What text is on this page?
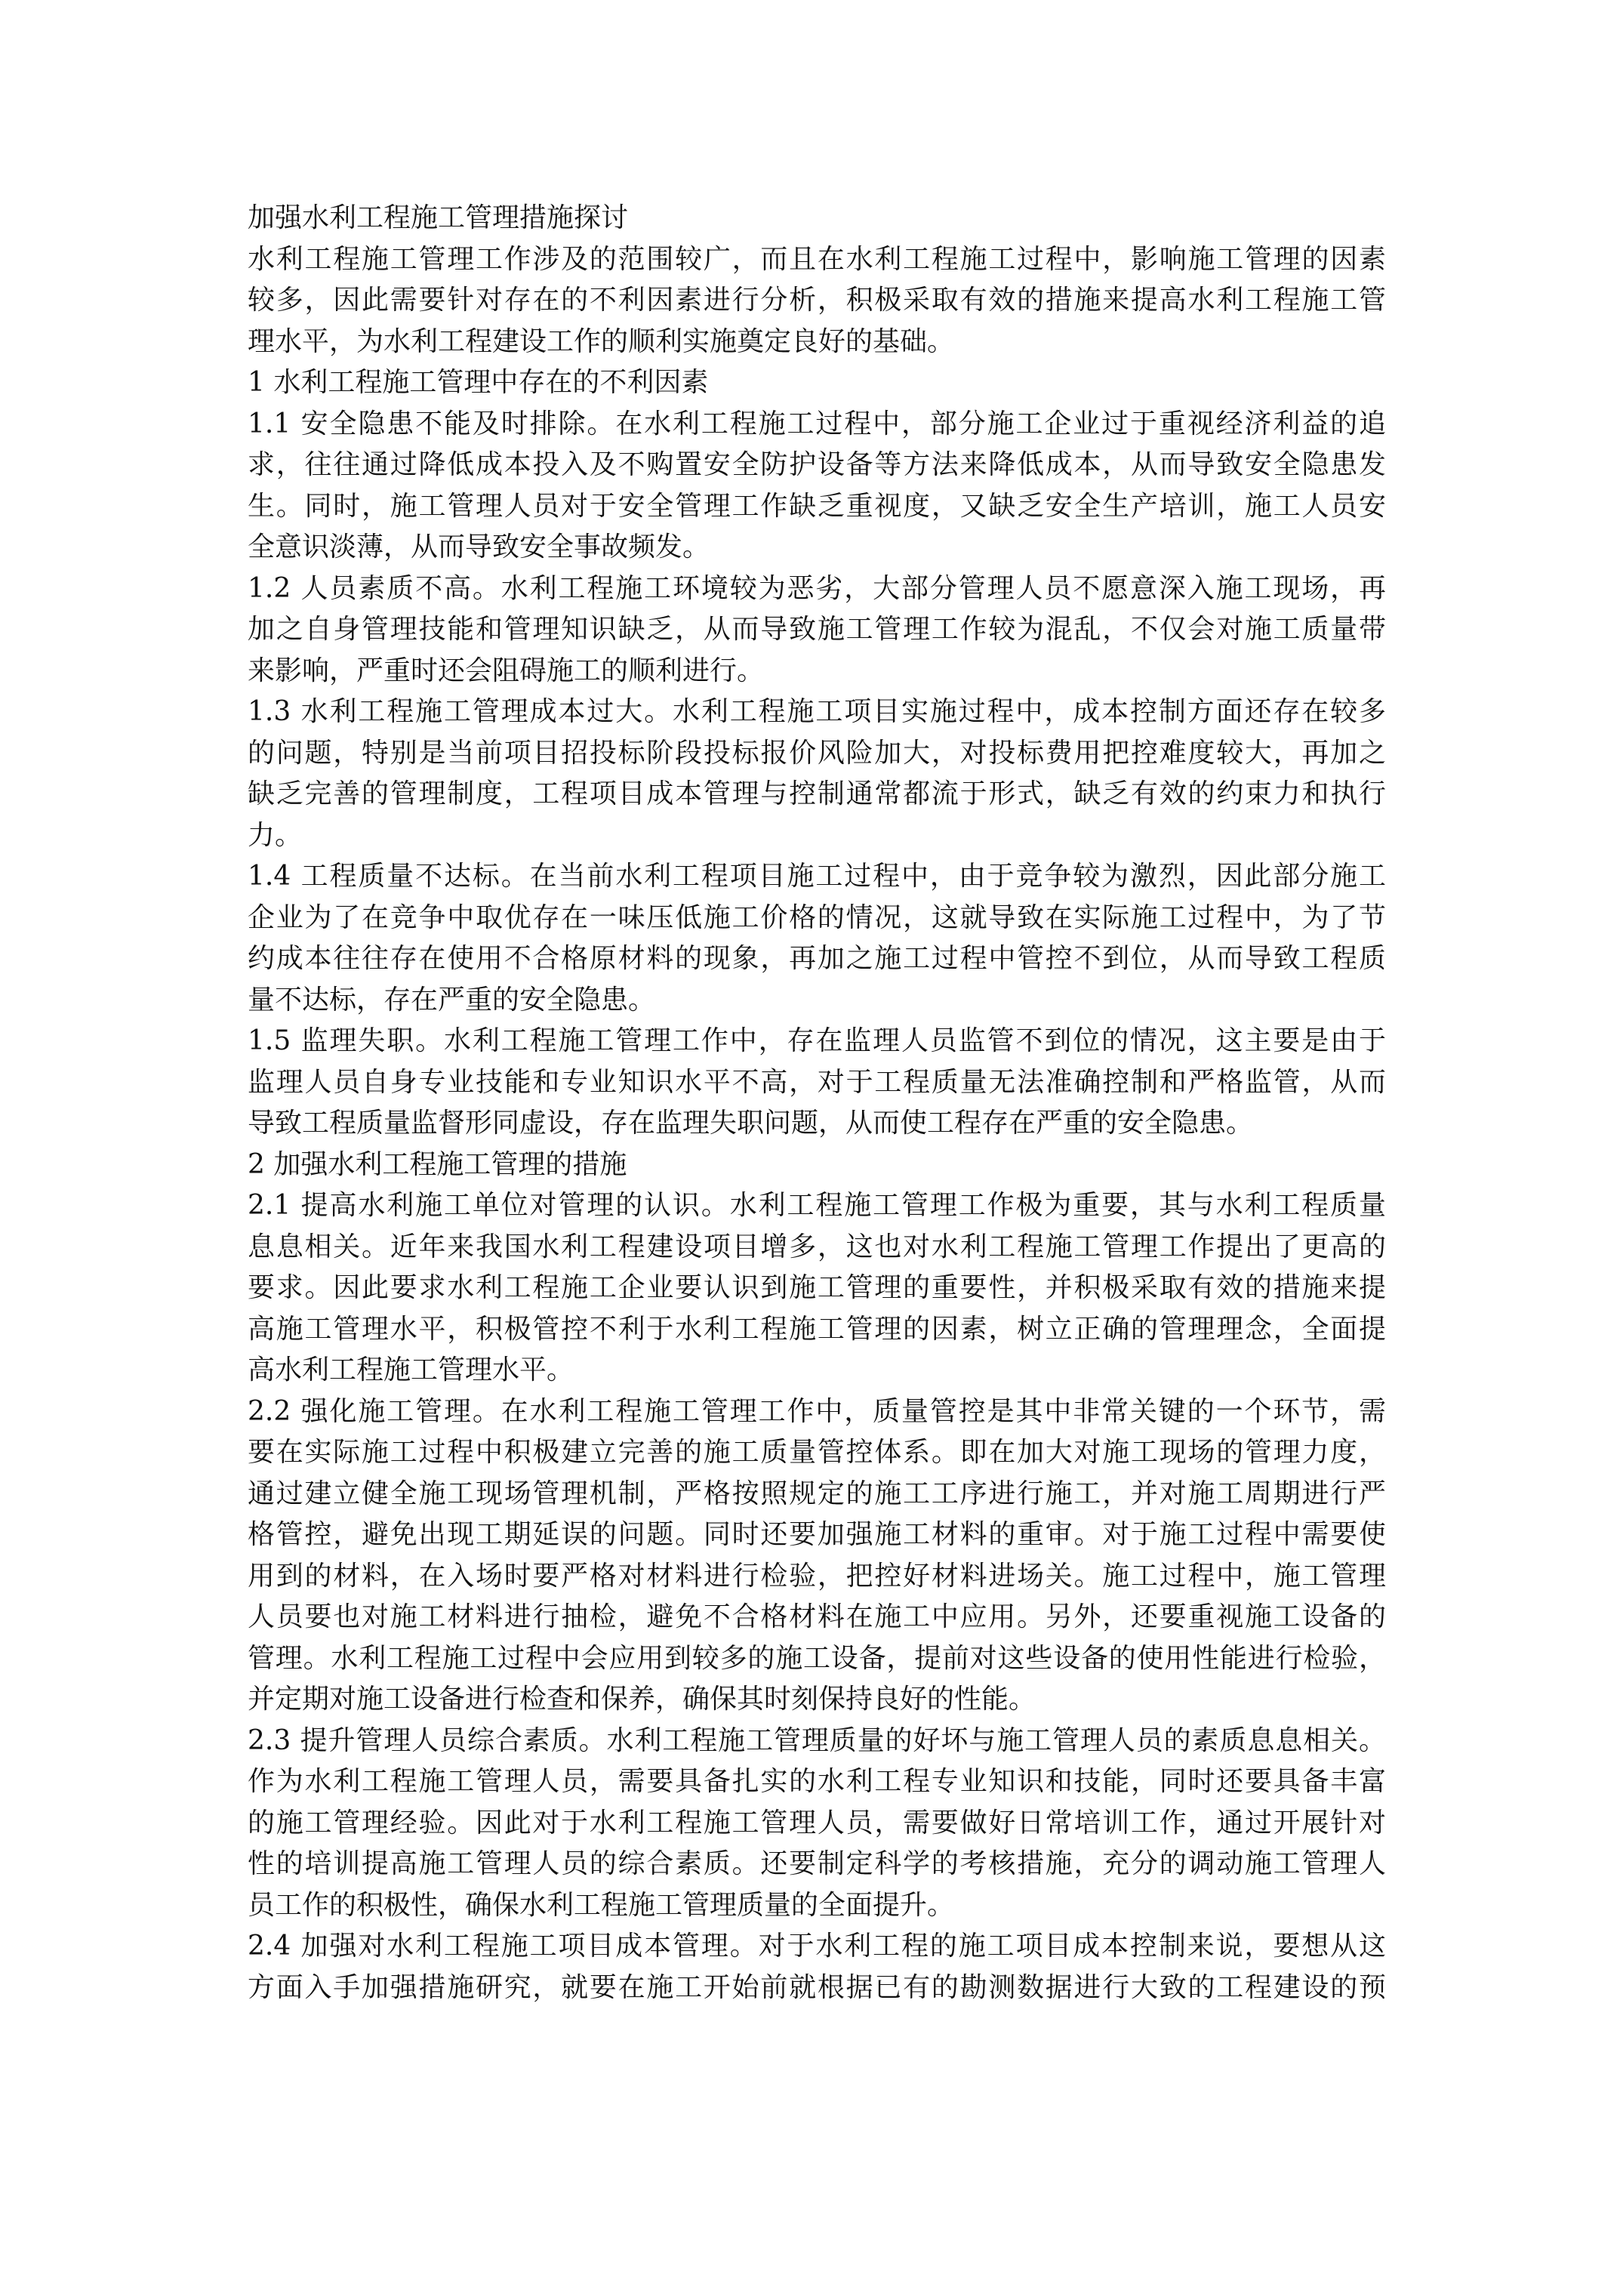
加强水利工程施工管理措施探讨
水利工程施工管理工作涉及的范围较广，而且在水利工程施工过程中，影响施工管理的因素
较多，因此需要针对存在的不利因素进行分析，积极采取有效的措施来提高水利工程施工管
理水平，为水利工程建设工作的顺利实施奠定良好的基础。
1 水利工程施工管理中存在的不利因素
1.1 安全隐患不能及时排除。在水利工程施工过程中，部分施工企业过于重视经济利益的追
求，往往通过降低成本投入及不购置安全防护设备等方法来降低成本，从而导致安全隐患发
生。同时，施工管理人员对于安全管理工作缺乏重视度，又缺乏安全生产培训，施工人员安
全意识淡薄，从而导致安全事故频发。
1.2 人员素质不高。水利工程施工环境较为恶劣，大部分管理人员不愿意深入施工现场，再
加之自身管理技能和管理知识缺乏，从而导致施工管理工作较为混乱，不仅会对施工质量带
来影响，严重时还会阻碍施工的顺利进行。
1.3 水利工程施工管理成本过大。水利工程施工项目实施过程中，成本控制方面还存在较多
的问题，特别是当前项目招投标阶段投标报价风险加大，对投标费用把控难度较大，再加之
缺乏完善的管理制度，工程项目成本管理与控制通常都流于形式，缺乏有效的约束力和执行
力。
1.4 工程质量不达标。在当前水利工程项目施工过程中，由于竞争较为激烈，因此部分施工
企业为了在竞争中取优存在一味压低施工价格的情况，这就导致在实际施工过程中，为了节
约成本往往存在使用不合格原材料的现象，再加之施工过程中管控不到位，从而导致工程质
量不达标，存在严重的安全隐患。
1.5 监理失职。水利工程施工管理工作中，存在监理人员监管不到位的情况，这主要是由于
监理人员自身专业技能和专业知识水平不高，对于工程质量无法准确控制和严格监管，从而
导致工程质量监督形同虚设，存在监理失职问题，从而使工程存在严重的安全隐患。
2 加强水利工程施工管理的措施
2.1 提高水利施工单位对管理的认识。水利工程施工管理工作极为重要，其与水利工程质量
息息相关。近年来我国水利工程建设项目增多，这也对水利工程施工管理工作提出了更高的
要求。因此要求水利工程施工企业要认识到施工管理的重要性，并积极采取有效的措施来提
高施工管理水平，积极管控不利于水利工程施工管理的因素，树立正确的管理理念，全面提
高水利工程施工管理水平。
2.2 强化施工管理。在水利工程施工管理工作中，质量管控是其中非常关键的一个环节，需
要在实际施工过程中积极建立完善的施工质量管控体系。即在加大对施工现场的管理力度，
通过建立健全施工现场管理机制，严格按照规定的施工工序进行施工，并对施工周期进行严
格管控，避免出现工期延误的问题。同时还要加强施工材料的重审。对于施工过程中需要使
用到的材料，在入场时要严格对材料进行检验，把控好材料进场关。施工过程中，施工管理
人员要也对施工材料进行抽检，避免不合格材料在施工中应用。另外，还要重视施工设备的
管理。水利工程施工过程中会应用到较多的施工设备，提前对这些设备的使用性能进行检验，
并定期对施工设备进行检查和保养，确保其时刻保持良好的性能。
2.3 提升管理人员综合素质。水利工程施工管理质量的好坏与施工管理人员的素质息息相关。
作为水利工程施工管理人员，需要具备扎实的水利工程专业知识和技能，同时还要具备丰富
的施工管理经验。因此对于水利工程施工管理人员，需要做好日常培训工作，通过开展针对
性的培训提高施工管理人员的综合素质。还要制定科学的考核措施，充分的调动施工管理人
员工作的积极性，确保水利工程施工管理质量的全面提升。
2.4 加强对水利工程施工项目成本管理。对于水利工程的施工项目成本控制来说，要想从这
方面入手加强措施研究，就要在施工开始前就根据已有的勘测数据进行大致的工程建设的预
